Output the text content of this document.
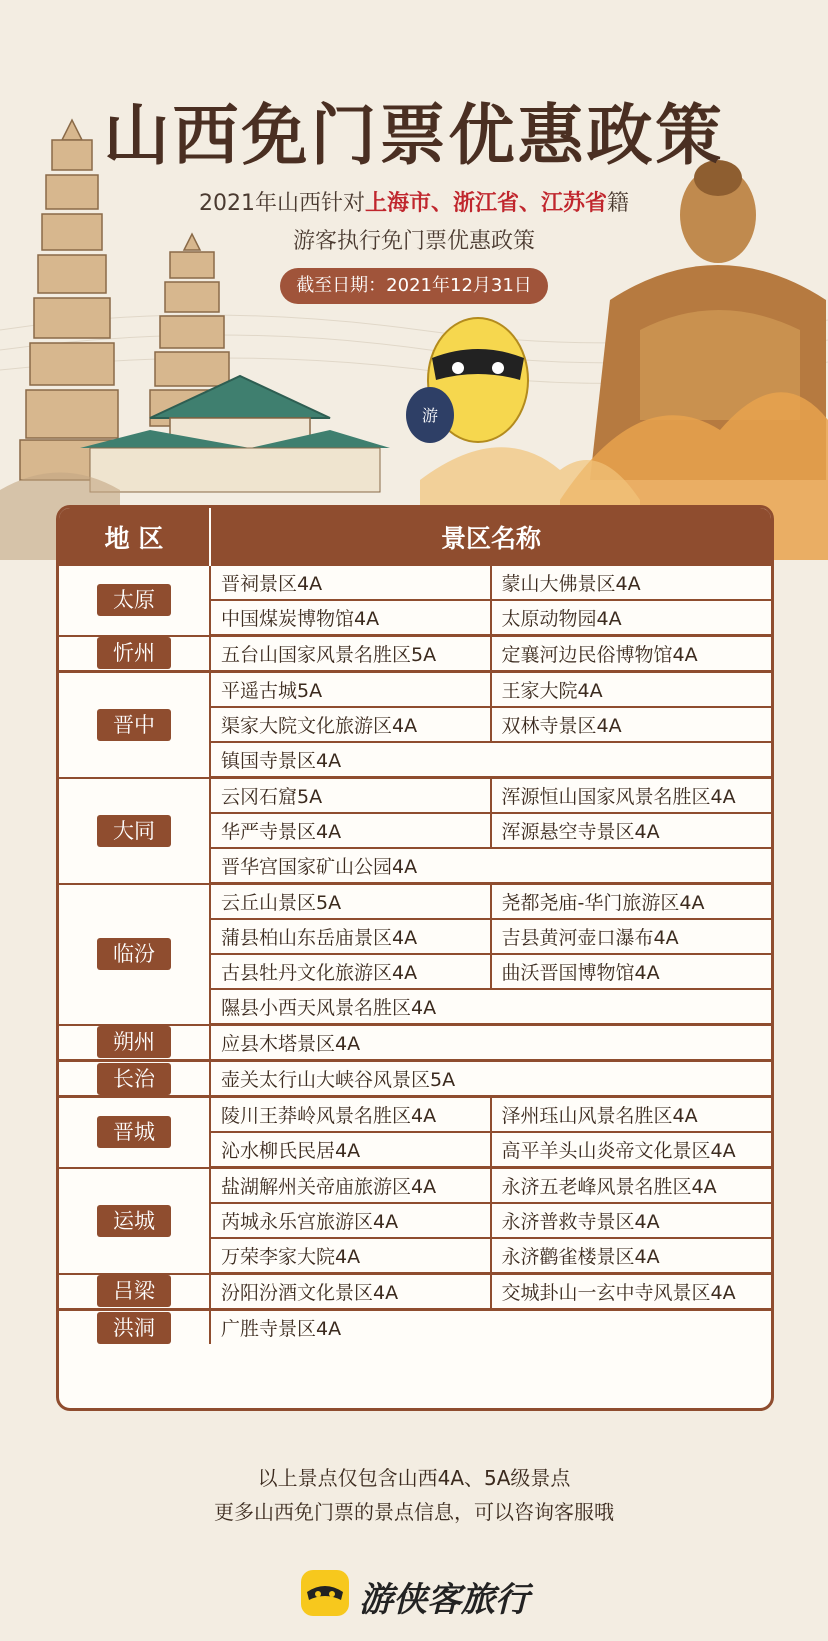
游
山西免门票优惠政策
2021年山西针对上海市、浙江省、江苏省籍
游客执行免门票优惠政策
截至日期：2021年12月31日
地 区	景区名称	
太原	晋祠景区4A	蒙山大佛景区4A
	中国煤炭博物馆4A	太原动物园4A
忻州	五台山国家风景名胜区5A	定襄河边民俗博物馆4A
晋中	平遥古城5A	王家大院4A
	渠家大院文化旅游区4A	双林寺景区4A
	镇国寺景区4A	
大同	云冈石窟5A	浑源恒山国家风景名胜区4A
	华严寺景区4A	浑源悬空寺景区4A
	晋华宫国家矿山公园4A	
临汾	云丘山景区5A	尧都尧庙-华门旅游区4A
	蒲县柏山东岳庙景区4A	吉县黄河壶口瀑布4A
	古县牡丹文化旅游区4A	曲沃晋国博物馆4A
	隰县小西天风景名胜区4A	
朔州	应县木塔景区4A	
长治	壶关太行山大峡谷风景区5A	
晋城	陵川王莽岭风景名胜区4A	泽州珏山风景名胜区4A
	沁水柳氏民居4A	高平羊头山炎帝文化景区4A
运城	盐湖解州关帝庙旅游区4A	永济五老峰风景名胜区4A
	芮城永乐宫旅游区4A	永济普救寺景区4A
	万荣李家大院4A	永济鹳雀楼景区4A
吕梁	汾阳汾酒文化景区4A	交城卦山一玄中寺风景区4A
洪洞	广胜寺景区4A	
以上景点仅包含山西4A、5A级景点
更多山西免门票的景点信息，可以咨询客服哦
游侠客旅行
